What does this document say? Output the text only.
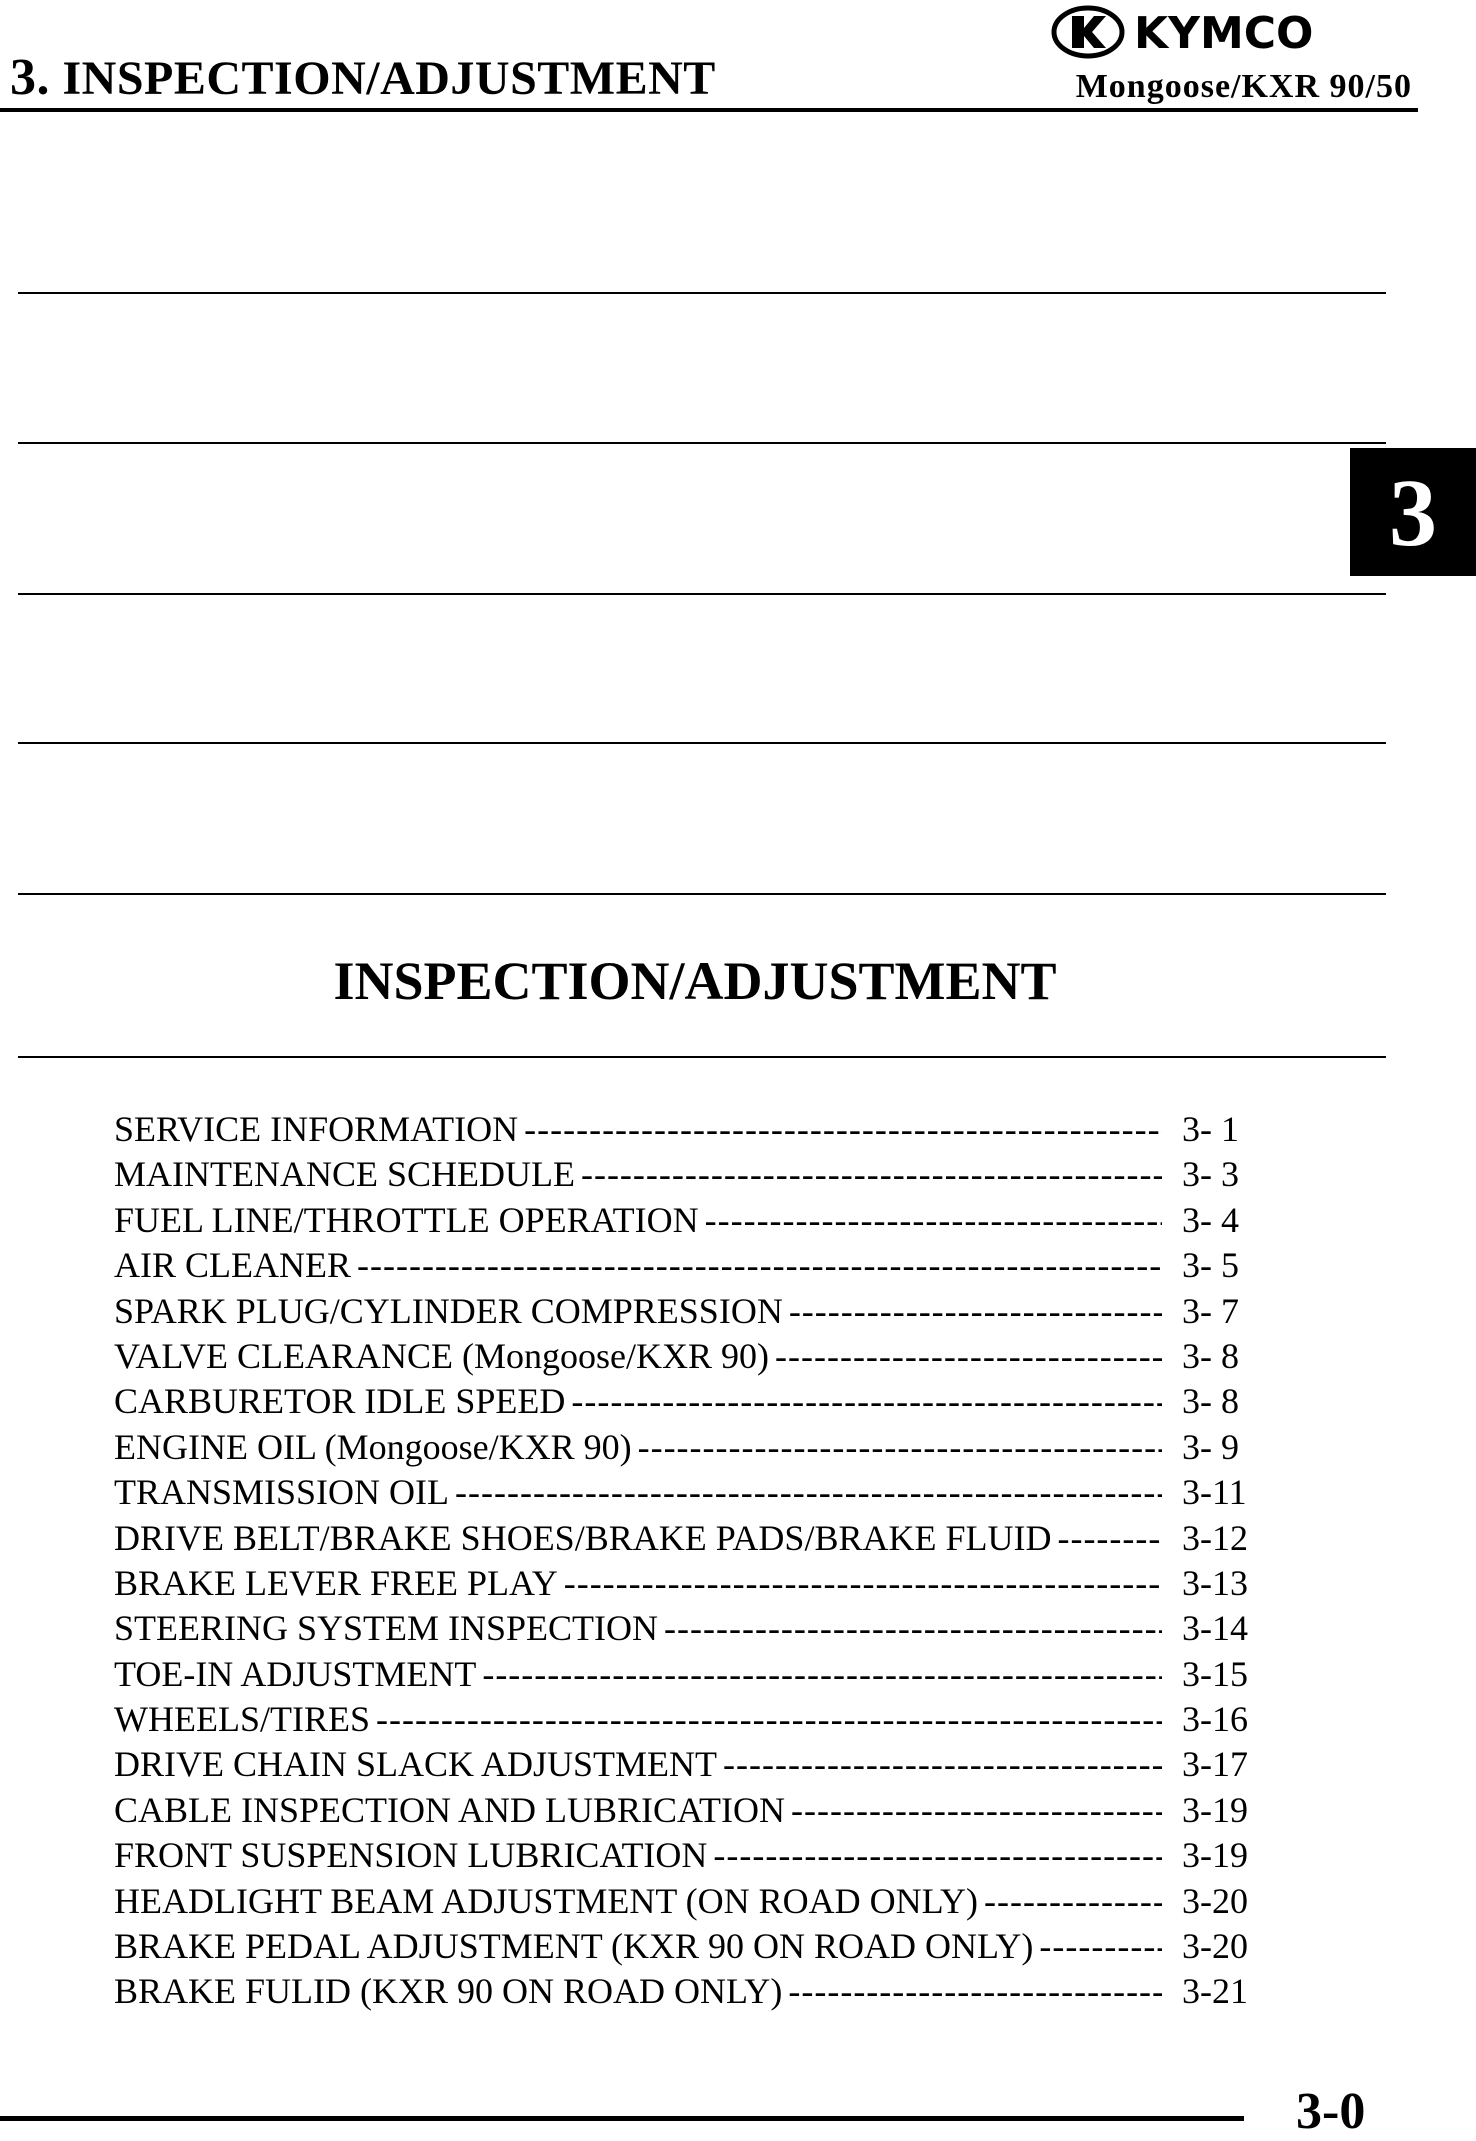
3. INSPECTION/ADJUSTMENT
KYMCO
Mongoose/KXR 90/50
3
INSPECTION/ADJUSTMENT
SERVICE INFORMATION -----	3- 1
MAINTENANCE SCHEDULE -----	3- 3
FUEL LINE/THROTTLE OPERATION -----	3- 4
AIR CLEANER -----	3- 5
SPARK PLUG/CYLINDER COMPRESSION -----	3- 7
VALVE CLEARANCE (Mongoose/KXR 90) -----	3- 8
CARBURETOR IDLE SPEED -----	3- 8
ENGINE OIL (Mongoose/KXR 90) -----	3- 9
TRANSMISSION OIL -----	3-11
DRIVE BELT/BRAKE SHOES/BRAKE PADS/BRAKE FLUID -----	3-12
BRAKE LEVER FREE PLAY -----	3-13
STEERING SYSTEM INSPECTION -----	3-14
TOE-IN ADJUSTMENT -----	3-15
WHEELS/TIRES -----	3-16
DRIVE CHAIN SLACK ADJUSTMENT -----	3-17
CABLE INSPECTION AND LUBRICATION -----	3-19
FRONT SUSPENSION LUBRICATION -----	3-19
HEADLIGHT BEAM ADJUSTMENT (ON ROAD ONLY) -----	3-20
BRAKE PEDAL ADJUSTMENT (KXR 90 ON ROAD ONLY) -----	3-20
BRAKE FULID (KXR 90 ON ROAD ONLY) -----	3-21
3-0
